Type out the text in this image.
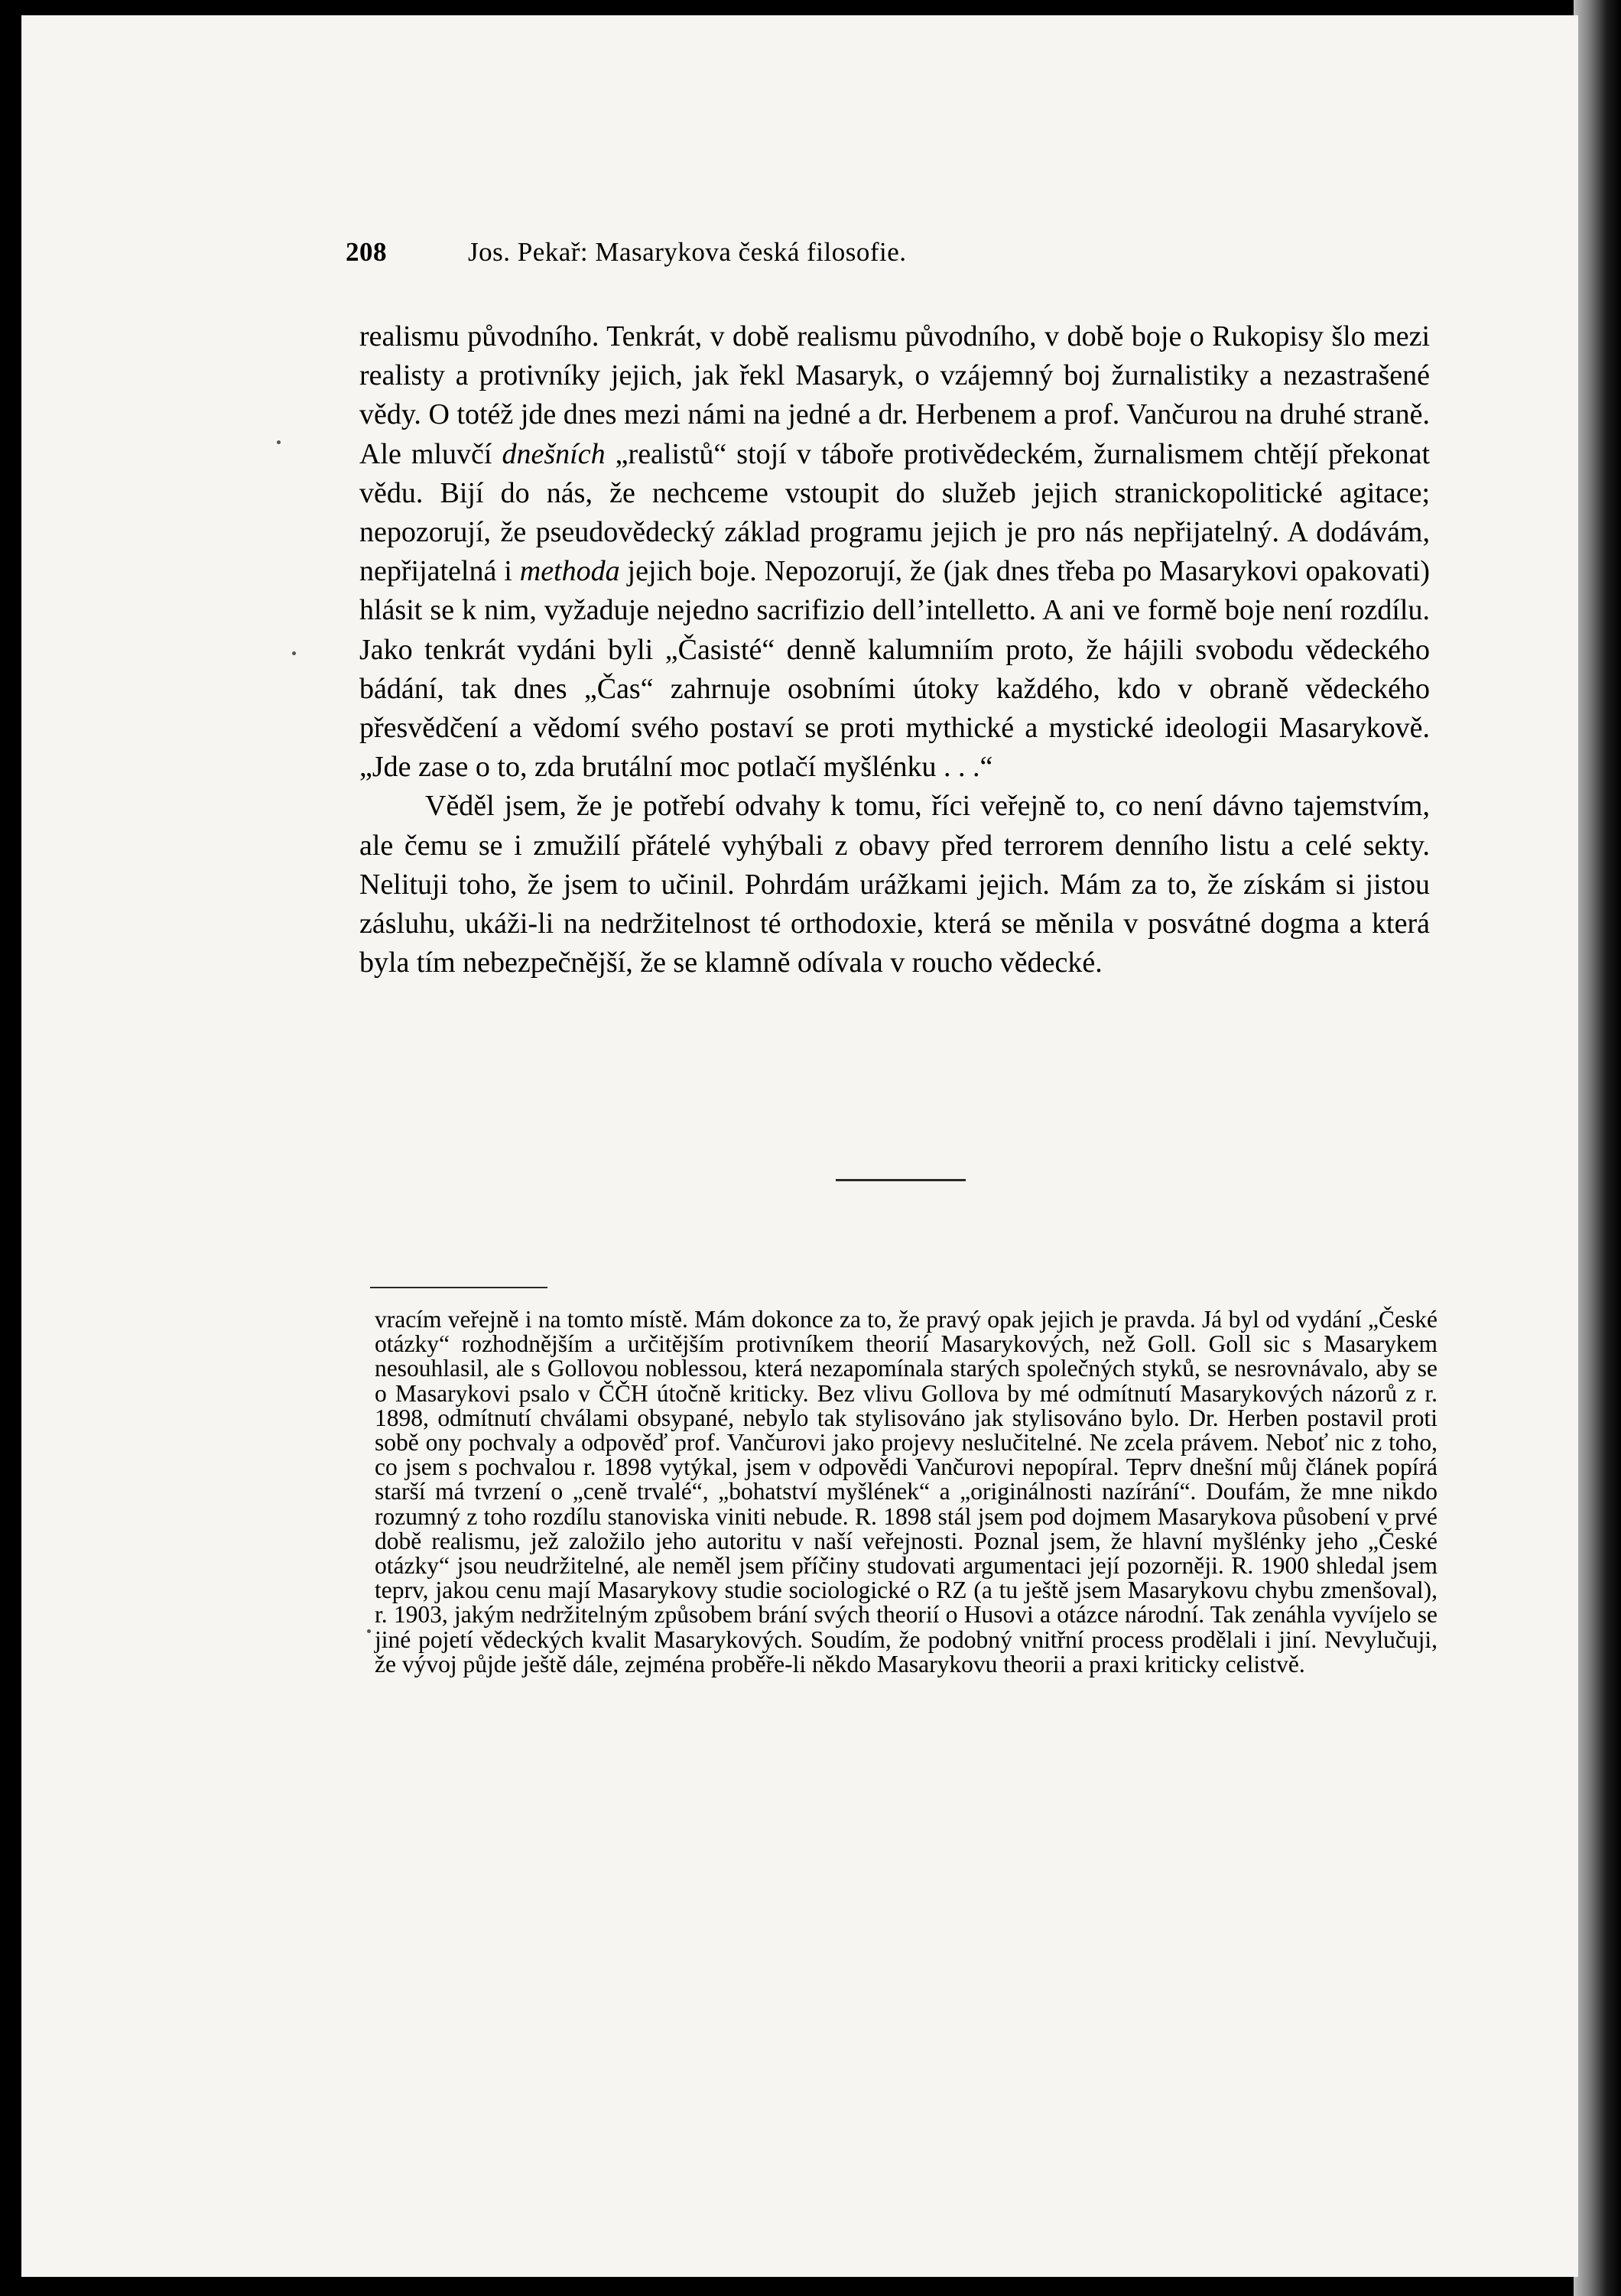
208	Jos. Pekař: Masarykova česká filosofie.

realismu původního. Tenkrát, v době realismu původního, v době boje o Rukopisy šlo mezi realisty a protivníky jejich, jak řekl Masaryk, o vzájemný boj žurnalistiky a nezastrašené vědy. O totéž jde dnes mezi námi na jedné a dr. Herbenem a prof. Vančurou na druhé straně. Ale mluvčí dnešních „realistů“ stojí v táboře protivědeckém, žurnalismem chtějí překonat vědu. Bijí do nás, že nechceme vstoupit do služeb jejich stranickopolitické agitace; nepozorují, že pseudovědecký základ programu jejich je pro nás nepřijatelný. A dodávám, nepřijatelná i methoda jejich boje. Nepozorují, že (jak dnes třeba po Masarykovi opakovati) hlásit se k nim, vyžaduje nejedno sacrifizio dell’intelletto. A ani ve formě boje není rozdílu. Jako tenkrát vydáni byli „Časisté“ denně kalumniím proto, že hájili svobodu vědeckého bádání, tak dnes „Čas“ zahrnuje osobními útoky každého, kdo v obraně vědeckého přesvědčení a vědomí svého postaví se proti mythické a mystické ideologii Masarykově. „Jde zase o to, zda brutální moc potlačí myšlénku . . .“

Věděl jsem, že je potřebí odvahy k tomu, říci veřejně to, co není dávno tajemstvím, ale čemu se i zmužilí přátelé vyhýbali z obavy před terrorem denního listu a celé sekty. Nelituji toho, že jsem to učinil. Pohrdám urážkami jejich. Mám za to, že získám si jistou zásluhu, ukáži-li na nedržitelnost té orthodoxie, která se měnila v posvátné dogma a která byla tím nebezpečnější, že se klamně odívala v roucho vědecké.

vracím veřejně i na tomto místě. Mám dokonce za to, že pravý opak jejich je pravda. Já byl od vydání „České otázky“ rozhodnějším a určitějším protivníkem theorií Masarykových, než Goll. Goll sic s Masarykem nesouhlasil, ale s Gollovou noblessou, která nezapomínala starých společných styků, se nesrovnávalo, aby se o Masarykovi psalo v ČČH útočně kriticky. Bez vlivu Gollova by mé odmítnutí Masarykových názorů z r. 1898, odmítnutí chválami obsypané, nebylo tak stylisováno jak stylisováno bylo. Dr. Herben postavil proti sobě ony pochvaly a odpověď prof. Vančurovi jako projevy neslučitelné. Ne zcela právem. Neboť nic z toho, co jsem s pochvalou r. 1898 vytýkal, jsem v odpovědi Vančurovi nepopíral. Teprv dnešní můj článek popírá starší má tvrzení o „ceně trvalé“, „bohatství myšlének“ a „originálnosti nazírání“. Doufám, že mne nikdo rozumný z toho rozdílu stanoviska viniti nebude. R. 1898 stál jsem pod dojmem Masarykova působení v prvé době realismu, jež založilo jeho autoritu v naší veřejnosti. Poznal jsem, že hlavní myšlénky jeho „České otázky“ jsou neudržitelné, ale neměl jsem příčiny studovati argumentaci její pozorněji. R. 1900 shledal jsem teprv, jakou cenu mají Masarykovy studie sociologické o RZ (a tu ještě jsem Masarykovu chybu zmenšoval), r. 1903, jakým nedržitelným způsobem brání svých theorií o Husovi a otázce národní. Tak zenáhla vyvíjelo se jiné pojetí vědeckých kvalit Masarykových. Soudím, že podobný vnitřní process prodělali i jiní. Nevylučuji, že vývoj půjde ještě dále, zejména proběře-li někdo Masarykovu theorii a praxi kriticky celistvě.
